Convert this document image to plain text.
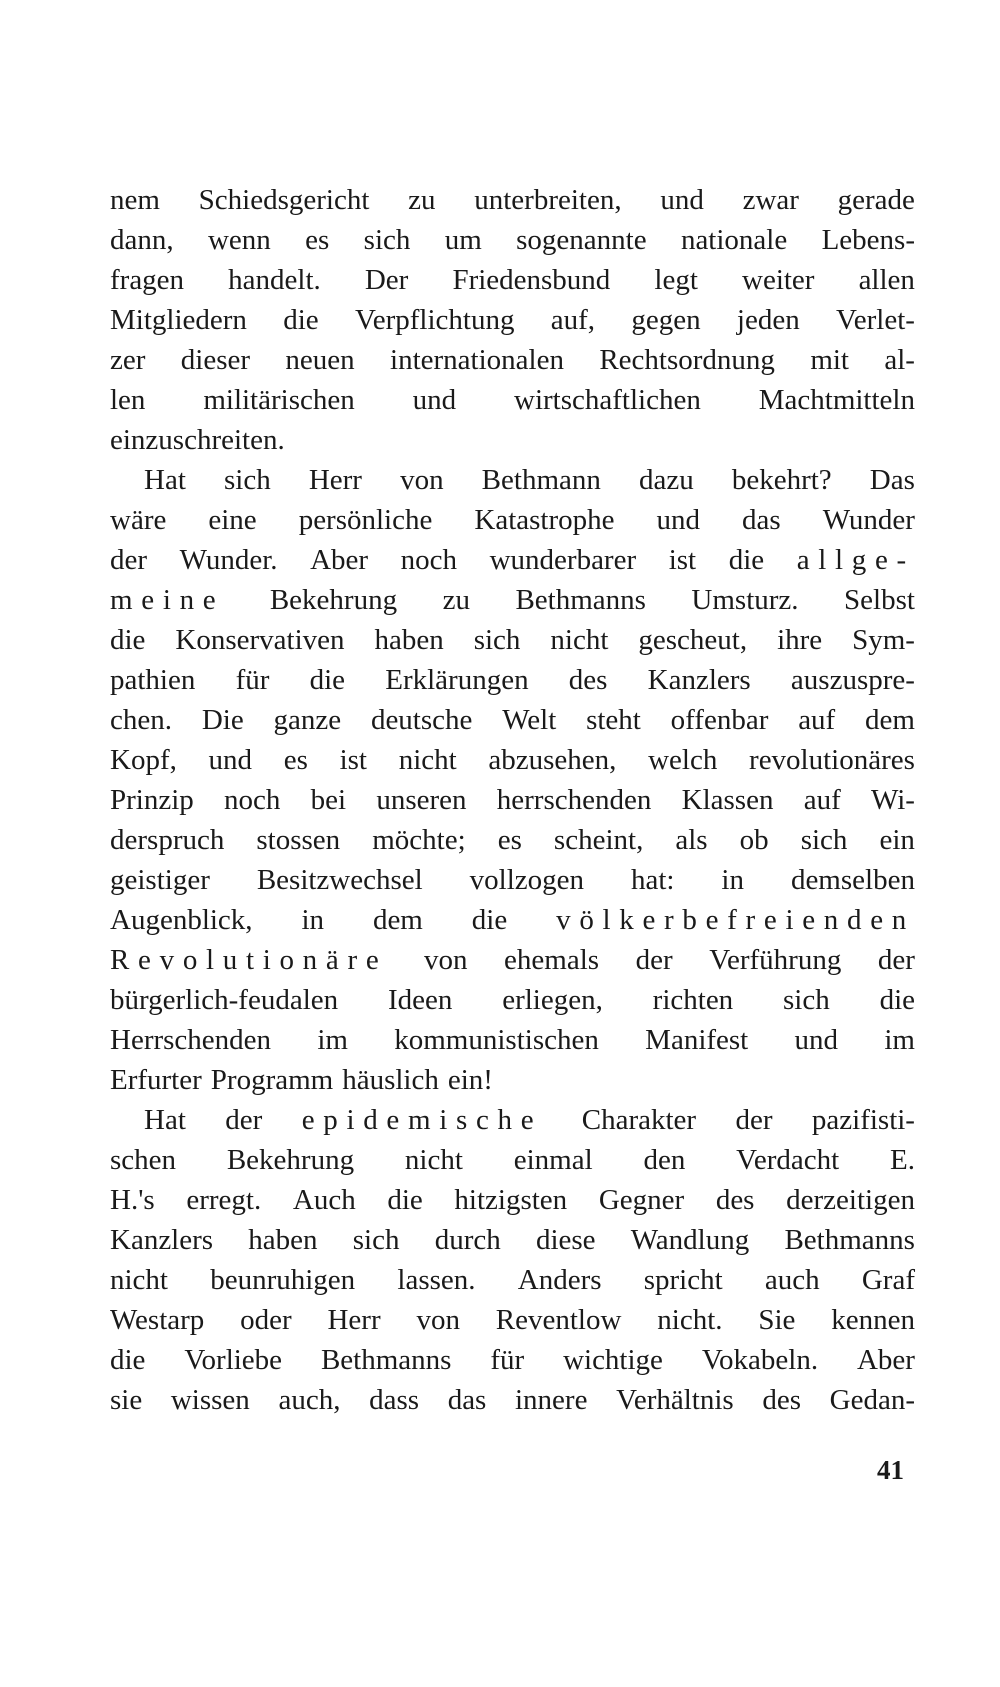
nem Schiedsgericht zu unterbreiten, und zwar gerade
dann, wenn es sich um sogenannte nationale Lebens-
fragen handelt. Der Friedensbund legt weiter allen
Mitgliedern die Verpflichtung auf, gegen jeden Verlet-
zer dieser neuen internationalen Rechtsordnung mit al-
len militärischen und wirtschaftlichen Machtmitteln
einzuschreiten.
Hat sich Herr von Bethmann dazu bekehrt? Das
wäre eine persönliche Katastrophe und das Wunder
der Wunder. Aber noch wunderbarer ist die allge-
meine Bekehrung zu Bethmanns Umsturz. Selbst
die Konservativen haben sich nicht gescheut, ihre Sym-
pathien für die Erklärungen des Kanzlers auszuspre-
chen. Die ganze deutsche Welt steht offenbar auf dem
Kopf, und es ist nicht abzusehen, welch revolutionäres
Prinzip noch bei unseren herrschenden Klassen auf Wi-
derspruch stossen möchte; es scheint, als ob sich ein
geistiger Besitzwechsel vollzogen hat: in demselben
Augenblick, in dem die völkerbefreienden
Revolutionäre von ehemals der Verführung der
bürgerlich-feudalen Ideen erliegen, richten sich die
Herrschenden im kommunistischen Manifest und im
Erfurter Programm häuslich ein!
Hat der epidemische Charakter der pazifisti-
schen Bekehrung nicht einmal den Verdacht E.
H.'s erregt. Auch die hitzigsten Gegner des derzeitigen
Kanzlers haben sich durch diese Wandlung Bethmanns
nicht beunruhigen lassen. Anders spricht auch Graf
Westarp oder Herr von Reventlow nicht. Sie kennen
die Vorliebe Bethmanns für wichtige Vokabeln. Aber
sie wissen auch, dass das innere Verhältnis des Gedan-
41
